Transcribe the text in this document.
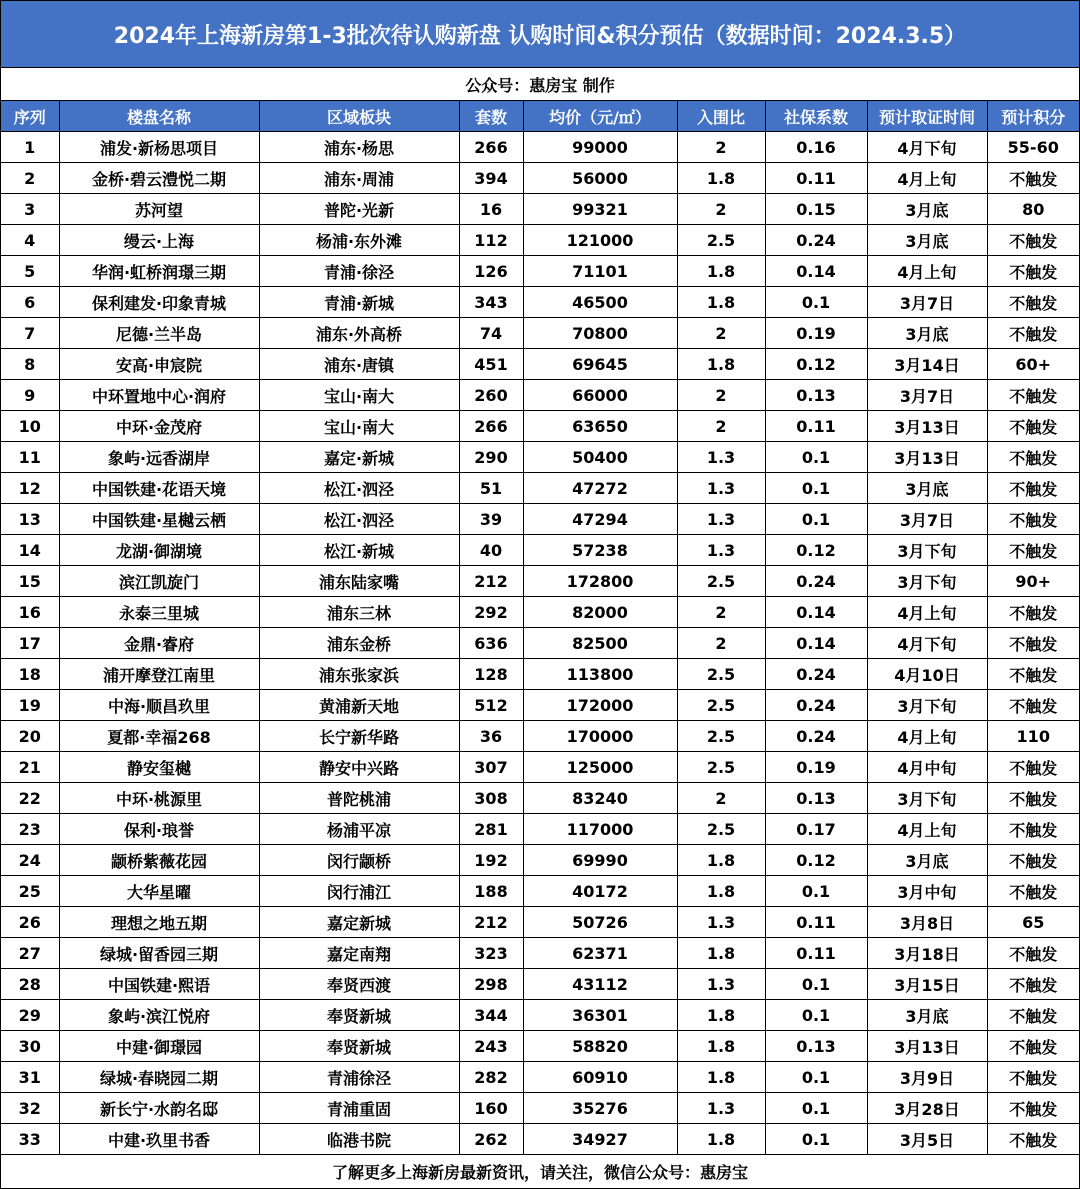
2024年上海新房第1-3批次待认购新盘 认购时间&积分预估（数据时间：2024.3.5）
公众号：惠房宝 制作
序列	楼盘名称	区域板块	套数	均价（元/㎡）	入围比	社保系数	预计取证时间	预计积分
1	浦发·新杨思项目	浦东·杨思	266	99000	2	0.16	4月下旬	55-60
2	金桥·碧云澧悦二期	浦东·周浦	394	56000	1.8	0.11	4月上旬	不触发
3	苏河望	普陀·光新	16	99321	2	0.15	3月底	80
4	缦云·上海	杨浦·东外滩	112	121000	2.5	0.24	3月底	不触发
5	华润·虹桥润璟三期	青浦·徐泾	126	71101	1.8	0.14	4月上旬	不触发
6	保利建发·印象青城	青浦·新城	343	46500	1.8	0.1	3月7日	不触发
7	尼德·兰半岛	浦东·外高桥	74	70800	2	0.19	3月底	不触发
8	安高·申宸院	浦东·唐镇	451	69645	1.8	0.12	3月14日	60+
9	中环置地中心·润府	宝山·南大	260	66000	2	0.13	3月7日	不触发
10	中环·金茂府	宝山·南大	266	63650	2	0.11	3月13日	不触发
11	象屿·远香湖岸	嘉定·新城	290	50400	1.3	0.1	3月13日	不触发
12	中国铁建·花语天境	松江·泗泾	51	47272	1.3	0.1	3月底	不触发
13	中国铁建·星樾云栖	松江·泗泾	39	47294	1.3	0.1	3月7日	不触发
14	龙湖·御湖境	松江·新城	40	57238	1.3	0.12	3月下旬	不触发
15	滨江凯旋门	浦东陆家嘴	212	172800	2.5	0.24	3月下旬	90+
16	永泰三里城	浦东三林	292	82000	2	0.14	4月上旬	不触发
17	金鼎·睿府	浦东金桥	636	82500	2	0.14	4月下旬	不触发
18	浦开摩登江南里	浦东张家浜	128	113800	2.5	0.24	4月10日	不触发
19	中海·顺昌玖里	黄浦新天地	512	172000	2.5	0.24	3月下旬	不触发
20	夏都·幸福268	长宁新华路	36	170000	2.5	0.24	4月上旬	110
21	静安玺樾	静安中兴路	307	125000	2.5	0.19	4月中旬	不触发
22	中环·桃源里	普陀桃浦	308	83240	2	0.13	3月下旬	不触发
23	保利·琅誉	杨浦平凉	281	117000	2.5	0.17	4月上旬	不触发
24	颛桥紫薇花园	闵行颛桥	192	69990	1.8	0.12	3月底	不触发
25	大华星曜	闵行浦江	188	40172	1.8	0.1	3月中旬	不触发
26	理想之地五期	嘉定新城	212	50726	1.3	0.11	3月8日	65
27	绿城·留香园三期	嘉定南翔	323	62371	1.8	0.11	3月18日	不触发
28	中国铁建·熙语	奉贤西渡	298	43112	1.3	0.1	3月15日	不触发
29	象屿·滨江悦府	奉贤新城	344	36301	1.8	0.1	3月底	不触发
30	中建·御璟园	奉贤新城	243	58820	1.8	0.13	3月13日	不触发
31	绿城·春晓园二期	青浦徐泾	282	60910	1.8	0.1	3月9日	不触发
32	新长宁·水韵名邸	青浦重固	160	35276	1.3	0.1	3月28日	不触发
33	中建·玖里书香	临港书院	262	34927	1.8	0.1	3月5日	不触发
了解更多上海新房最新资讯，请关注，微信公众号：惠房宝
